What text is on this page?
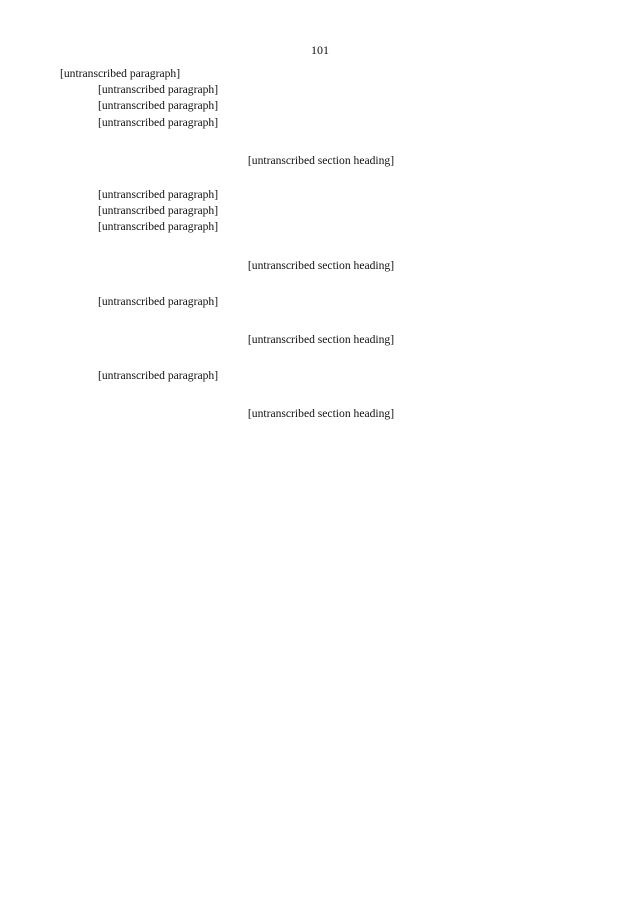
101

[untranscribed paragraph]

[untranscribed paragraph]

[untranscribed paragraph]

[untranscribed paragraph]

[untranscribed section heading]

[untranscribed paragraph]

[untranscribed paragraph]

[untranscribed paragraph]

[untranscribed section heading]

[untranscribed paragraph]

[untranscribed section heading]

[untranscribed paragraph]

[untranscribed section heading]
